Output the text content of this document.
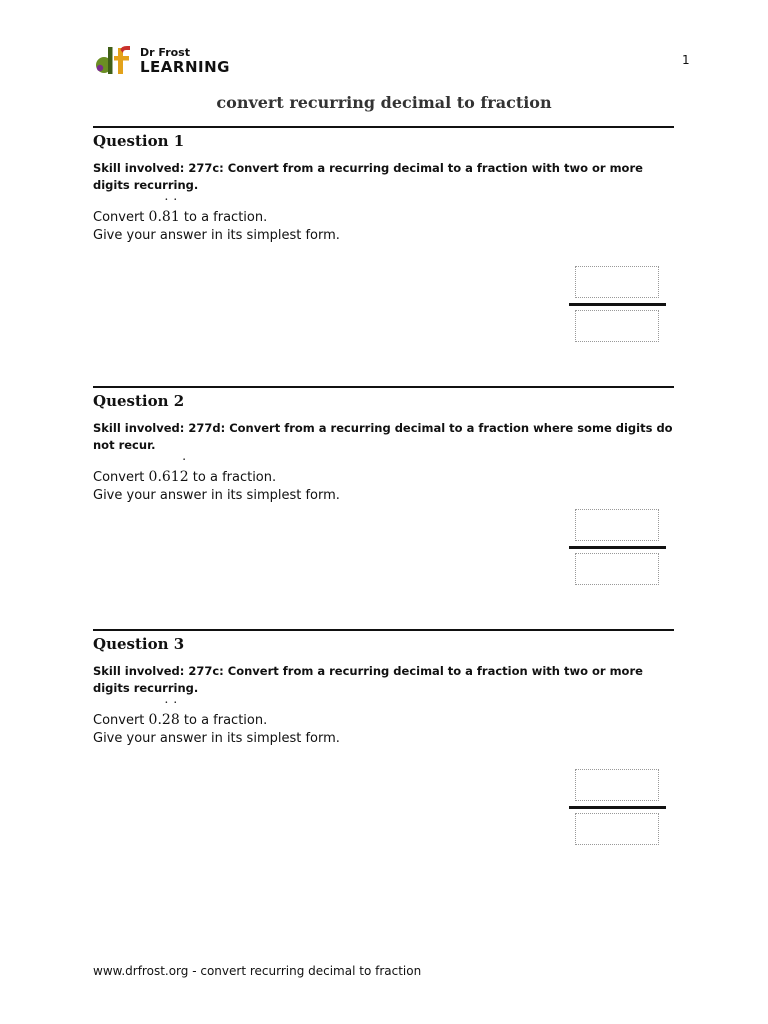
1
Dr Frost
LEARNING
convert recurring decimal to fraction
Question 1
Skill involved: 277c: Convert from a recurring decimal to a fraction with two or more digits recurring.
Convert 0.˙ 8˙ 1 to a fraction.
Give your answer in its simplest form.
Question 2
Skill involved: 277d: Convert from a recurring decimal to a fraction where some digits do not recur.
Convert 0.61˙ 2 to a fraction.
Give your answer in its simplest form.
Question 3
Skill involved: 277c: Convert from a recurring decimal to a fraction with two or more digits recurring.
Convert 0.˙ 2˙ 8 to a fraction.
Give your answer in its simplest form.
www.drfrost.org - convert recurring decimal to fraction
